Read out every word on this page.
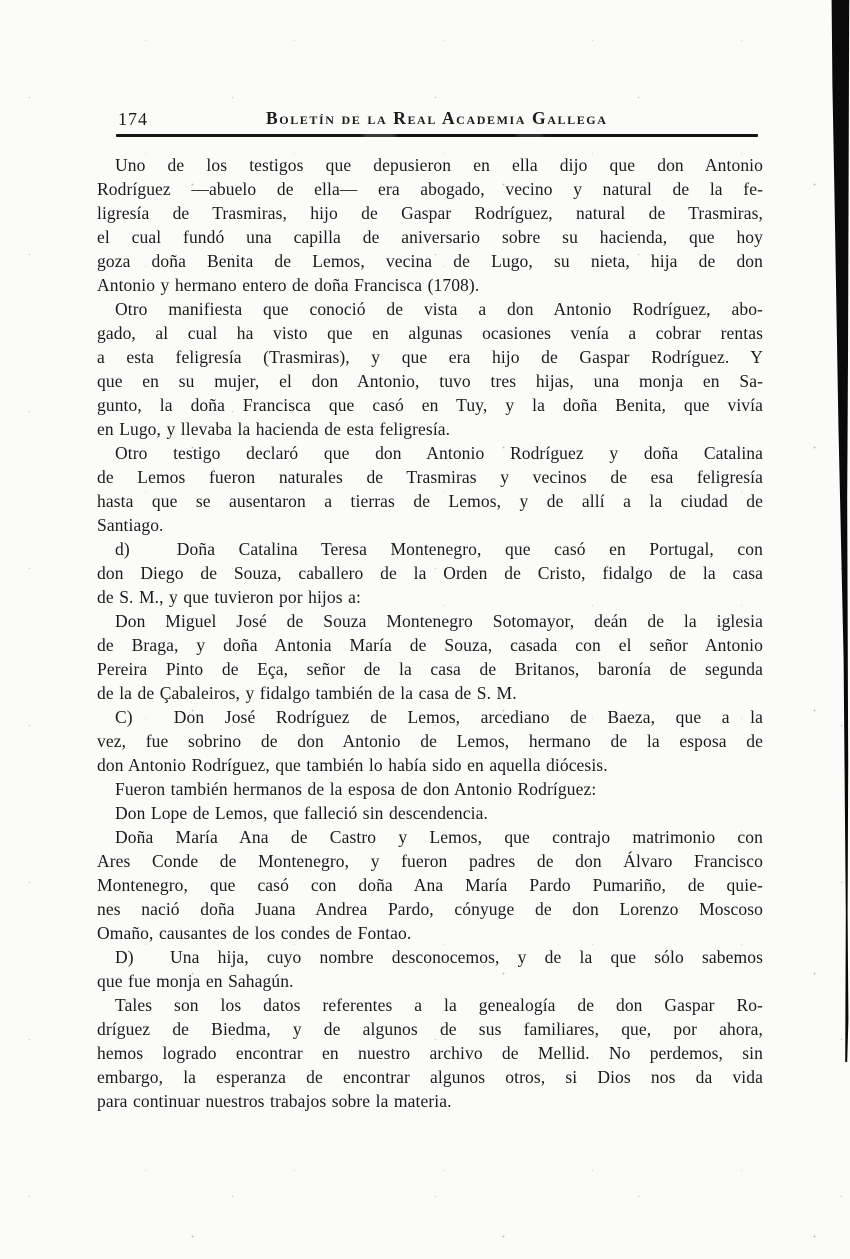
174	Boletín de la Real Academia Gallega

Uno de los testigos que depusieron en ella dijo que don Antonio
Rodríguez —abuelo de ella— era abogado, vecino y natural de la fe-
ligresía de Trasmiras, hijo de Gaspar Rodríguez, natural de Trasmiras,
el cual fundó una capilla de aniversario sobre su hacienda, que hoy
goza doña Benita de Lemos, vecina de Lugo, su nieta, hija de don
Antonio y hermano entero de doña Francisca (1708).

Otro manifiesta que conoció de vista a don Antonio Rodríguez, abo-
gado, al cual ha visto que en algunas ocasiones venía a cobrar rentas
a esta feligresía (Trasmiras), y que era hijo de Gaspar Rodríguez. Y
que en su mujer, el don Antonio, tuvo tres hijas, una monja en Sa-
gunto, la doña Francisca que casó en Tuy, y la doña Benita, que vivía
en Lugo, y llevaba la hacienda de esta feligresía.

Otro testigo declaró que don Antonio Rodríguez y doña Catalina
de Lemos fueron naturales de Trasmiras y vecinos de esa feligresía
hasta que se ausentaron a tierras de Lemos, y de allí a la ciudad de
Santiago.

d)  Doña Catalina Teresa Montenegro, que casó en Portugal, con
don Diego de Souza, caballero de la Orden de Cristo, fidalgo de la casa
de S. M., y que tuvieron por hijos a:

Don Miguel José de Souza Montenegro Sotomayor, deán de la iglesia
de Braga, y doña Antonia María de Souza, casada con el señor Antonio
Pereira Pinto de Eça, señor de la casa de Britanos, baronía de segunda
de la de Çabaleiros, y fidalgo también de la casa de S. M.

C)  Don José Rodríguez de Lemos, arcediano de Baeza, que a la
vez, fue sobrino de don Antonio de Lemos, hermano de la esposa de
don Antonio Rodríguez, que también lo había sido en aquella diócesis.

Fueron también hermanos de la esposa de don Antonio Rodríguez:

Don Lope de Lemos, que falleció sin descendencia.

Doña María Ana de Castro y Lemos, que contrajo matrimonio con
Ares Conde de Montenegro, y fueron padres de don Álvaro Francisco
Montenegro, que casó con doña Ana María Pardo Pumariño, de quie-
nes nació doña Juana Andrea Pardo, cónyuge de don Lorenzo Moscoso
Omaño, causantes de los condes de Fontao.

D)  Una hija, cuyo nombre desconocemos, y de la que sólo sabemos
que fue monja en Sahagún.

Tales son los datos referentes a la genealogía de don Gaspar Ro-
dríguez de Biedma, y de algunos de sus familiares, que, por ahora,
hemos logrado encontrar en nuestro archivo de Mellid. No perdemos, sin
embargo, la esperanza de encontrar algunos otros, si Dios nos da vida
para continuar nuestros trabajos sobre la materia.
